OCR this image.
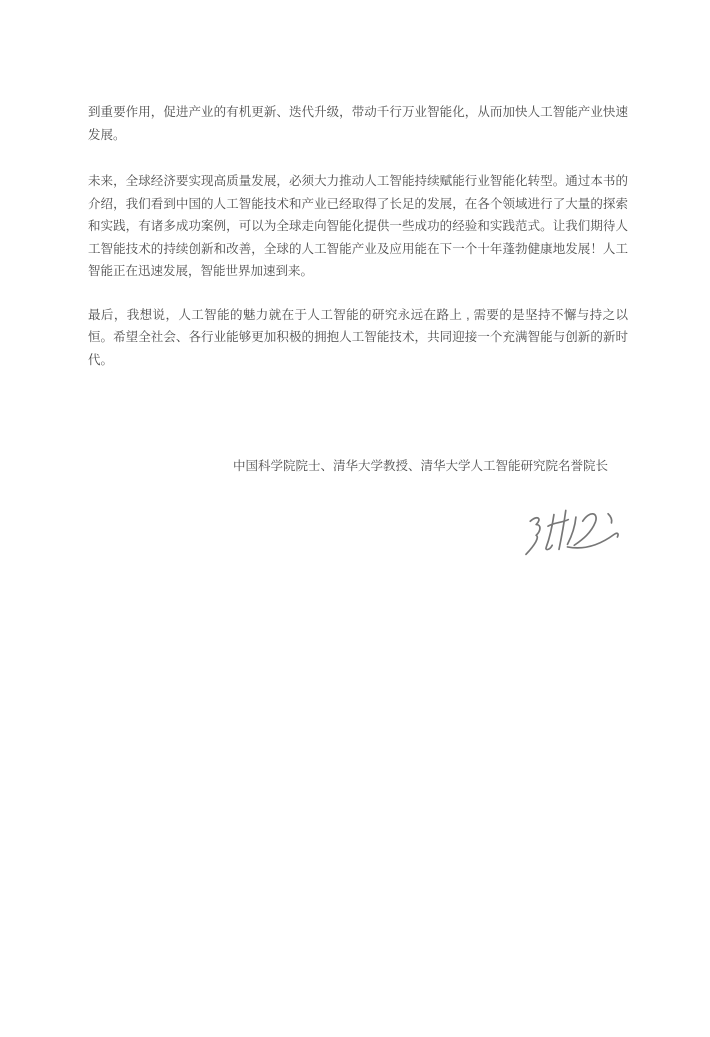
到重要作用，促进产业的有机更新、迭代升级，带动千行万业智能化，从而加快人工智能产业快速发展。

未来，全球经济要实现高质量发展，必须大力推动人工智能持续赋能行业智能化转型。通过本书的介绍，我们看到中国的人工智能技术和产业已经取得了长足的发展，在各个领域进行了大量的探索和实践，有诸多成功案例，可以为全球走向智能化提供一些成功的经验和实践范式。让我们期待人工智能技术的持续创新和改善，全球的人工智能产业及应用能在下一个十年蓬勃健康地发展！人工智能正在迅速发展，智能世界加速到来。

最后，我想说，人工智能的魅力就在于人工智能的研究永远在路上 , 需要的是坚持不懈与持之以恒。希望全社会、各行业能够更加积极的拥抱人工智能技术，共同迎接一个充满智能与创新的新时代。

中国科学院院士、清华大学教授、清华大学人工智能研究院名誉院长
